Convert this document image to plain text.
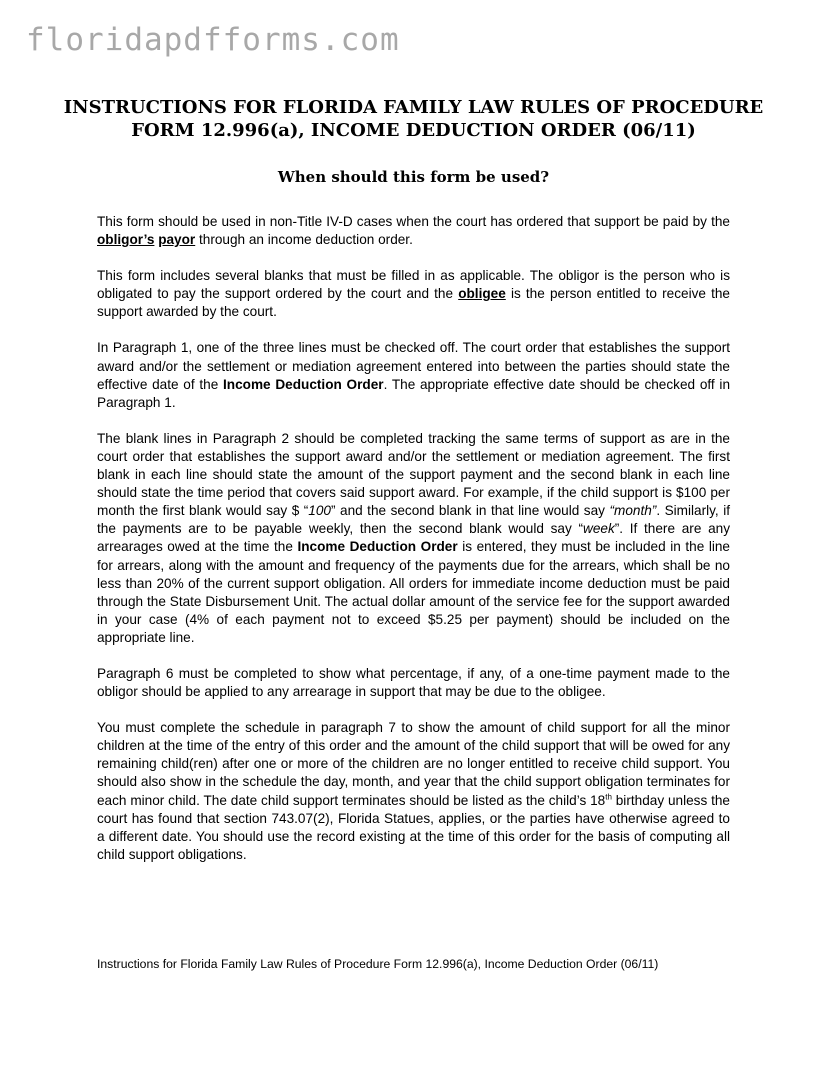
floridapdfforms.com
INSTRUCTIONS FOR FLORIDA FAMILY LAW RULES OF PROCEDURE FORM 12.996(a), INCOME DEDUCTION ORDER (06/11)
When should this form be used?

This form should be used in non-Title IV-D cases when the court has ordered that support be paid by the obligor’s payor through an income deduction order.

This form includes several blanks that must be filled in as applicable. The obligor is the person who is obligated to pay the support ordered by the court and the obligee is the person entitled to receive the support awarded by the court.

In Paragraph 1, one of the three lines must be checked off. The court order that establishes the support award and/or the settlement or mediation agreement entered into between the parties should state the effective date of the Income Deduction Order. The appropriate effective date should be checked off in Paragraph 1.

The blank lines in Paragraph 2 should be completed tracking the same terms of support as are in the court order that establishes the support award and/or the settlement or mediation agreement. The first blank in each line should state the amount of the support payment and the second blank in each line should state the time period that covers said support award. For example, if the child support is $100 per month the first blank would say $ “100” and the second blank in that line would say “month”. Similarly, if the payments are to be payable weekly, then the second blank would say “week”. If there are any arrearages owed at the time the Income Deduction Order is entered, they must be included in the line for arrears, along with the amount and frequency of the payments due for the arrears, which shall be no less than 20% of the current support obligation. All orders for immediate income deduction must be paid through the State Disbursement Unit. The actual dollar amount of the service fee for the support awarded in your case (4% of each payment not to exceed $5.25 per payment) should be included on the appropriate line.

Paragraph 6 must be completed to show what percentage, if any, of a one-time payment made to the obligor should be applied to any arrearage in support that may be due to the obligee.

You must complete the schedule in paragraph 7 to show the amount of child support for all the minor children at the time of the entry of this order and the amount of the child support that will be owed for any remaining child(ren) after one or more of the children are no longer entitled to receive child support. You should also show in the schedule the day, month, and year that the child support obligation terminates for each minor child. The date child support terminates should be listed as the child’s 18th birthday unless the court has found that section 743.07(2), Florida Statues, applies, or the parties have otherwise agreed to a different date. You should use the record existing at the time of this order for the basis of computing all child support obligations.

Instructions for Florida Family Law Rules of Procedure Form 12.996(a), Income Deduction Order (06/11)
